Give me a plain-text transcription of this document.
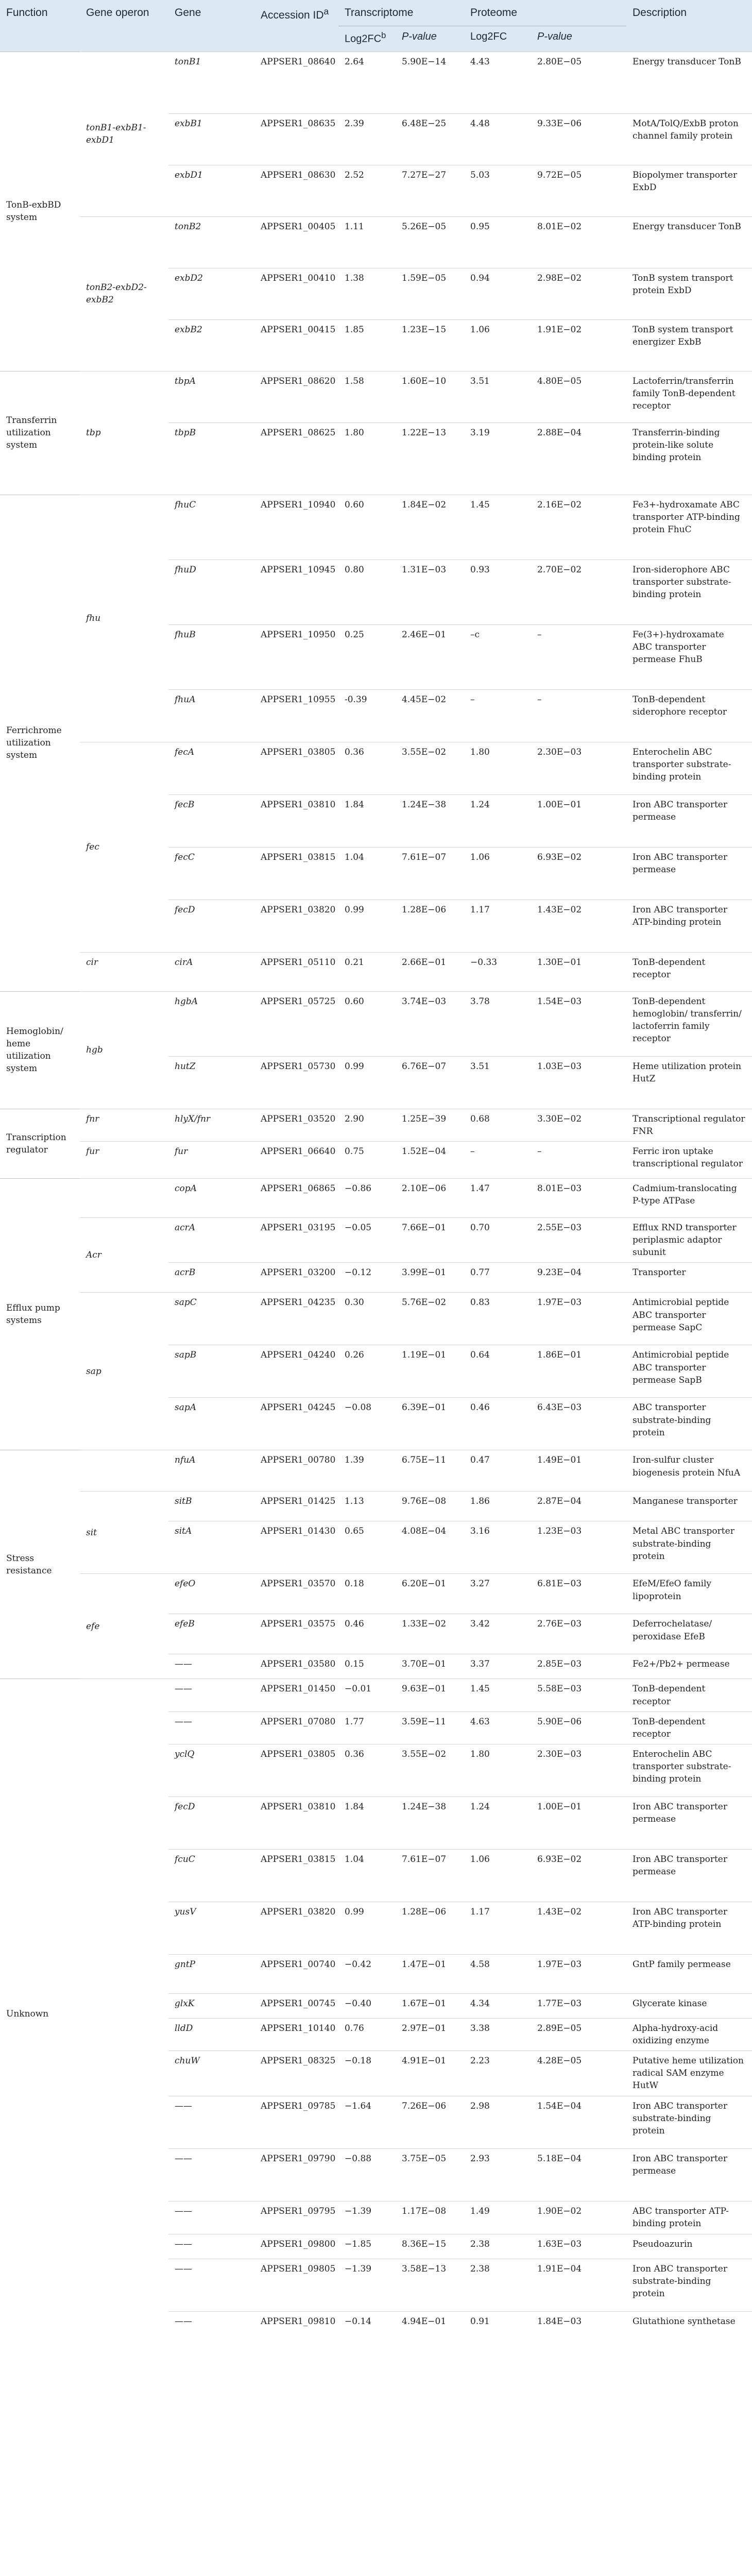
Function	Gene operon	Gene	Accession $ID^a$	Transcriptome		Proteome		Description
				$Log2FC^b$	P-value	Log2FC	P-value	
TonB-exbBD system	tonB1-exbB1-exbD1	tonB1	APPSER1_08640	2.64	5.90E−14	4.43	2.80E−05	Energy transducer TonB
		exbB1	APPSER1_08635	2.39	6.48E−25	4.48	9.33E−06	MotA/TolQ/ExbB proton channel family protein
		exbD1	APPSER1_08630	2.52	7.27E−27	5.03	9.72E−05	Biopolymer transporter ExbD
	tonB2-exbD2-exbB2	tonB2	APPSER1_00405	1.11	5.26E−05	0.95	8.01E−02	Energy transducer TonB
		exbD2	APPSER1_00410	1.38	1.59E−05	0.94	2.98E−02	TonB system transport protein ExbD
		exbB2	APPSER1_00415	1.85	1.23E−15	1.06	1.91E−02	TonB system transport energizer ExbB
Transferrin utilization system	tbp	tbpA	APPSER1_08620	1.58	1.60E−10	3.51	4.80E−05	Lactoferrin/transferrin family TonB-dependent receptor
		tbpB	APPSER1_08625	1.80	1.22E−13	3.19	2.88E−04	Transferrin-binding protein-like solute binding protein
Ferrichrome utilization system	fhu	fhuC	APPSER1_10940	0.60	1.84E−02	1.45	2.16E−02	Fe3+-hydroxamate ABC transporter ATP-binding protein FhuC
		fhuD	APPSER1_10945	0.80	1.31E−03	0.93	2.70E−02	Iron-siderophore ABC transporter substrate-binding protein
		fhuB	APPSER1_10950	0.25	2.46E−01	–c	–	Fe(3+)-hydroxamate ABC transporter permease FhuB
		fhuA	APPSER1_10955	-0.39	4.45E−02	–	–	TonB-dependent siderophore receptor
	fec	fecA	APPSER1_03805	0.36	3.55E−02	1.80	2.30E−03	Enterochelin ABC transporter substrate-binding protein
		fecB	APPSER1_03810	1.84	1.24E−38	1.24	1.00E−01	Iron ABC transporter permease
		fecC	APPSER1_03815	1.04	7.61E−07	1.06	6.93E−02	Iron ABC transporter permease
		fecD	APPSER1_03820	0.99	1.28E−06	1.17	1.43E−02	Iron ABC transporter ATP-binding protein
	cir	cirA	APPSER1_05110	0.21	2.66E−01	−0.33	1.30E−01	TonB-dependent receptor
Hemoglobin/ heme utilization system	hgb	hgbA	APPSER1_05725	0.60	3.74E−03	3.78	1.54E−03	TonB-dependent hemoglobin/ transferrin/ lactoferrin family receptor
		hutZ	APPSER1_05730	0.99	6.76E−07	3.51	1.03E−03	Heme utilization protein HutZ
Transcription regulator	fnr	hlyX/fnr	APPSER1_03520	2.90	1.25E−39	0.68	3.30E−02	Transcriptional regulator FNR
	fur	fur	APPSER1_06640	0.75	1.52E−04	–	–	Ferric iron uptake transcriptional regulator
Efflux pump systems		copA	APPSER1_06865	−0.86	2.10E−06	1.47	8.01E−03	Cadmium-translocating P-type ATPase
	Acr	acrA	APPSER1_03195	−0.05	7.66E−01	0.70	2.55E−03	Efflux RND transporter periplasmic adaptor subunit
		acrB	APPSER1_03200	−0.12	3.99E−01	0.77	9.23E−04	Transporter
	sap	sapC	APPSER1_04235	0.30	5.76E−02	0.83	1.97E−03	Antimicrobial peptide ABC transporter permease SapC
		sapB	APPSER1_04240	0.26	1.19E−01	0.64	1.86E−01	Antimicrobial peptide ABC transporter permease SapB
		sapA	APPSER1_04245	−0.08	6.39E−01	0.46	6.43E−03	ABC transporter substrate-binding protein
Stress resistance		nfuA	APPSER1_00780	1.39	6.75E−11	0.47	1.49E−01	Iron-sulfur cluster biogenesis protein NfuA
	sit	sitB	APPSER1_01425	1.13	9.76E−08	1.86	2.87E−04	Manganese transporter
		sitA	APPSER1_01430	0.65	4.08E−04	3.16	1.23E−03	Metal ABC transporter substrate-binding protein
	efe	efeO	APPSER1_03570	0.18	6.20E−01	3.27	6.81E−03	EfeM/EfeO family lipoprotein
		efeB	APPSER1_03575	0.46	1.33E−02	3.42	2.76E−03	Deferrochelatase/ peroxidase EfeB
		——	APPSER1_03580	0.15	3.70E−01	3.37	2.85E−03	Fe2+/Pb2+ permease
Unknown		——	APPSER1_01450	−0.01	9.63E−01	1.45	5.58E−03	TonB-dependent receptor
		——	APPSER1_07080	1.77	3.59E−11	4.63	5.90E−06	TonB-dependent receptor
		yclQ	APPSER1_03805	0.36	3.55E−02	1.80	2.30E−03	Enterochelin ABC transporter substrate-binding protein
		fecD	APPSER1_03810	1.84	1.24E−38	1.24	1.00E−01	Iron ABC transporter permease
		fcuC	APPSER1_03815	1.04	7.61E−07	1.06	6.93E−02	Iron ABC transporter permease
		yusV	APPSER1_03820	0.99	1.28E−06	1.17	1.43E−02	Iron ABC transporter ATP-binding protein
		gntP	APPSER1_00740	−0.42	1.47E−01	4.58	1.97E−03	GntP family permease
		glxK	APPSER1_00745	−0.40	1.67E−01	4.34	1.77E−03	Glycerate kinase
		lldD	APPSER1_10140	0.76	2.97E−01	3.38	2.89E−05	Alpha-hydroxy-acid oxidizing enzyme
		chuW	APPSER1_08325	−0.18	4.91E−01	2.23	4.28E−05	Putative heme utilization radical SAM enzyme HutW
		——	APPSER1_09785	−1.64	7.26E−06	2.98	1.54E−04	Iron ABC transporter substrate-binding protein
		——	APPSER1_09790	−0.88	3.75E−05	2.93	5.18E−04	Iron ABC transporter permease
		——	APPSER1_09795	−1.39	1.17E−08	1.49	1.90E−02	ABC transporter ATP-binding protein
		——	APPSER1_09800	−1.85	8.36E−15	2.38	1.63E−03	Pseudoazurin
		——	APPSER1_09805	−1.39	3.58E−13	2.38	1.91E−04	Iron ABC transporter substrate-binding protein
		——	APPSER1_09810	−0.14	4.94E−01	0.91	1.84E−03	Glutathione synthetase
